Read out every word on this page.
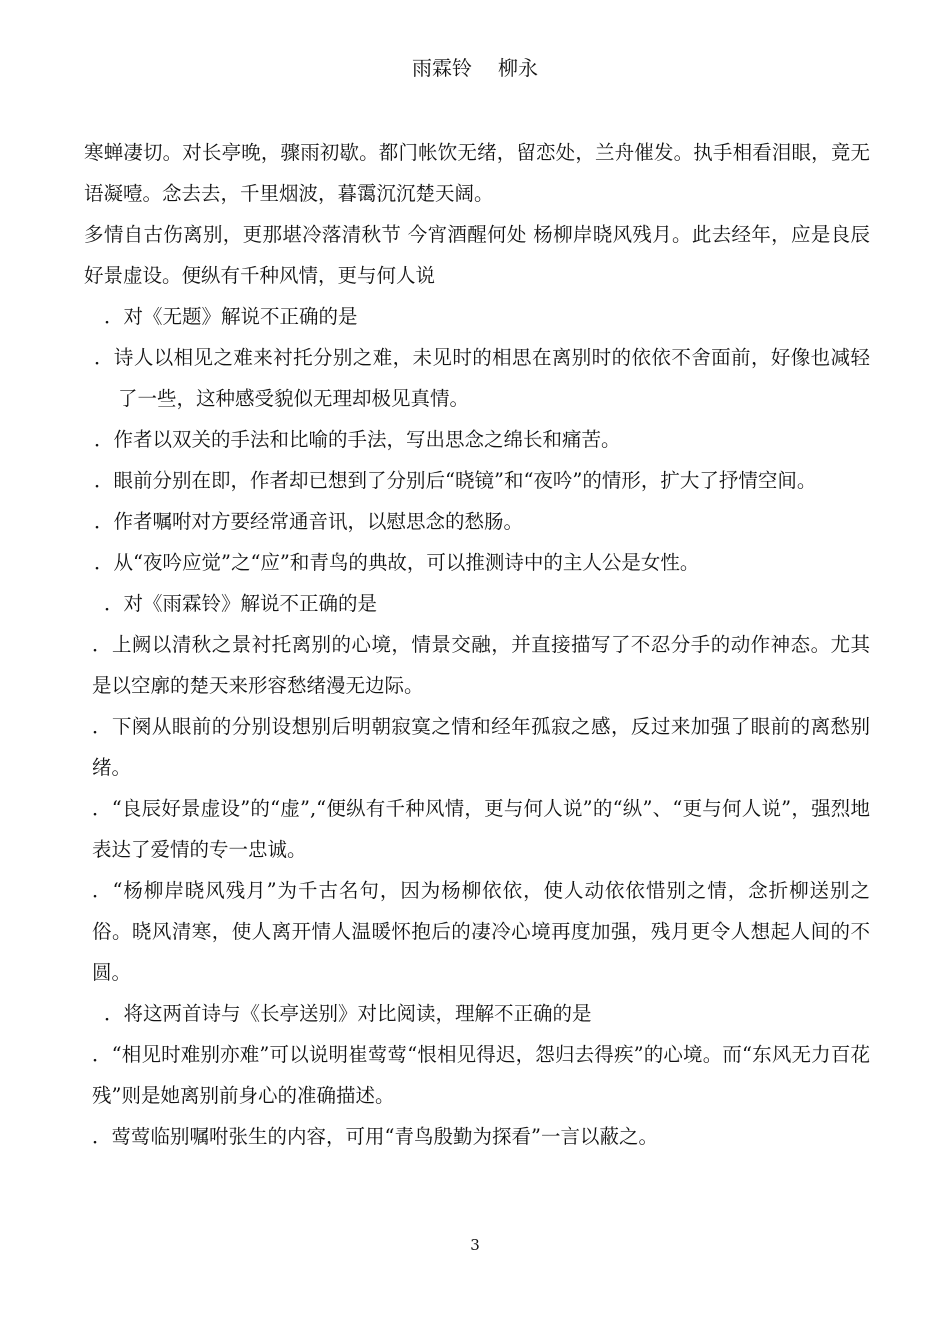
雨霖铃 柳永

寒蝉凄切。对长亭晚，骤雨初歇。都门帐饮无绪，留恋处，兰舟催发。执手相看泪眼，竟无语凝噎。念去去，千里烟波，暮霭沉沉楚天阔。

多情自古伤离别，更那堪冷落清秋节 今宵酒醒何处 杨柳岸晓风残月。此去经年，应是良辰好景虚设。便纵有千种风情，更与何人说

．对《无题》解说不正确的是

．诗人以相见之难来衬托分别之难，未见时的相思在离别时的依依不舍面前，好像也减轻了一些，这种感受貌似无理却极见真情。

．作者以双关的手法和比喻的手法，写出思念之绵长和痛苦。

．眼前分别在即，作者却已想到了分别后“晓镜”和“夜吟”的情形，扩大了抒情空间。

．作者嘱咐对方要经常通音讯，以慰思念的愁肠。

．从“夜吟应觉”之“应”和青鸟的典故，可以推测诗中的主人公是女性。

．对《雨霖铃》解说不正确的是

．上阙以清秋之景衬托离别的心境，情景交融，并直接描写了不忍分手的动作神态。尤其是以空廓的楚天来形容愁绪漫无边际。

．下阕从眼前的分别设想别后明朝寂寞之情和经年孤寂之感，反过来加强了眼前的离愁别绪。

．“良辰好景虚设”的“虚”,“便纵有千种风情，更与何人说”的“纵”、“更与何人说”，强烈地表达了爱情的专一忠诚。

．“杨柳岸晓风残月”为千古名句，因为杨柳依依，使人动依依惜别之情，念折柳送别之俗。晓风清寒，使人离开情人温暖怀抱后的凄冷心境再度加强，残月更令人想起人间的不圆。

．将这两首诗与《长亭送别》对比阅读，理解不正确的是

．“相见时难别亦难”可以说明崔莺莺“恨相见得迟，怨归去得疾”的心境。而“东风无力百花残”则是她离别前身心的准确描述。

．莺莺临别嘱咐张生的内容，可用“青鸟殷勤为探看”一言以蔽之。

3
